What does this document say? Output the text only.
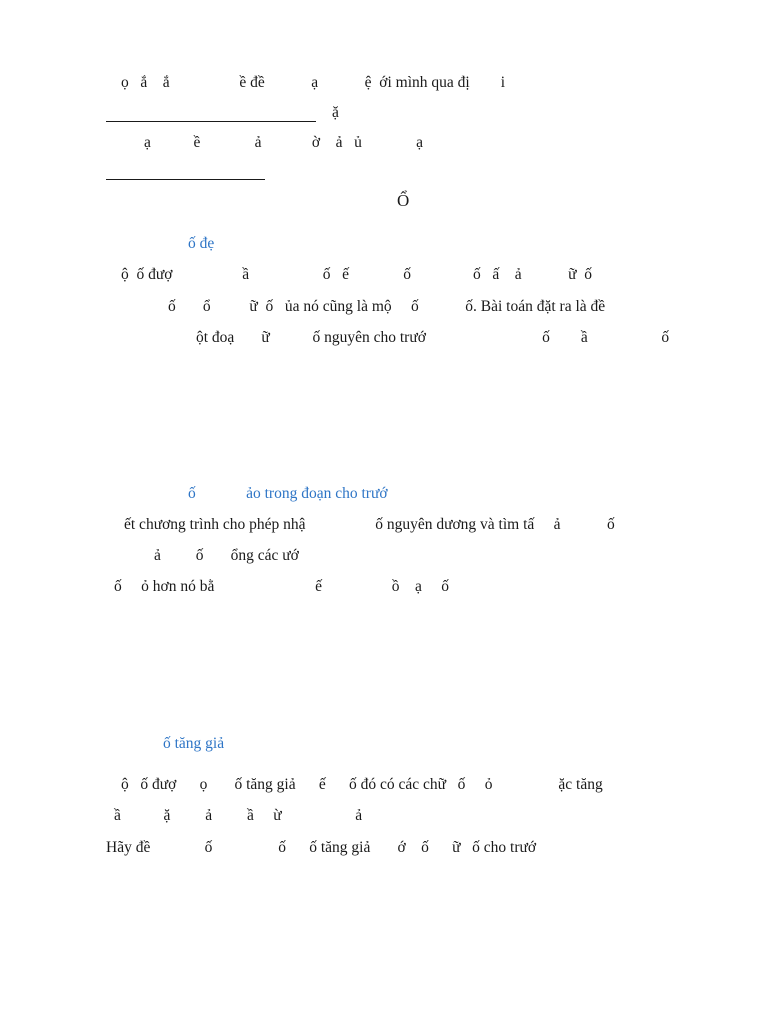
ọ   ắ    ắ                  ề đề            ạ            ệ  ới mình qua đị        i
ặ
ạ           ề              ả             ờ    ả   ủ              ạ
Ổ
ố đẹ
ộ  ố đượ                  ầ                   ố   ế              ố                ố   ấ    ả            ữ  ố
ố       ổ          ữ  ố   ủa nó cũng là mộ     ố            ố. Bài toán đặt ra là đề
ột đoạ       ữ           ố nguyên cho trướ                              ố        ầ                   ố
ố             ảo trong đoạn cho trướ
ết chương trình cho phép nhậ                  ố nguyên dương và tìm tấ     ả            ố
ả         ố       ổng các ướ
ố     ỏ hơn nó bằ                          ế                  ồ    ạ     ố
ố tăng giả
ộ   ố đượ      ọ       ố tăng giả      ế      ố đó có các chữ   ố     ỏ                 ặc tăng
ầ           ặ         ả         ầ     ừ                   ả
Hãy đề              ố                 ố      ố tăng giả       ớ    ố      ữ   ố cho trướ
